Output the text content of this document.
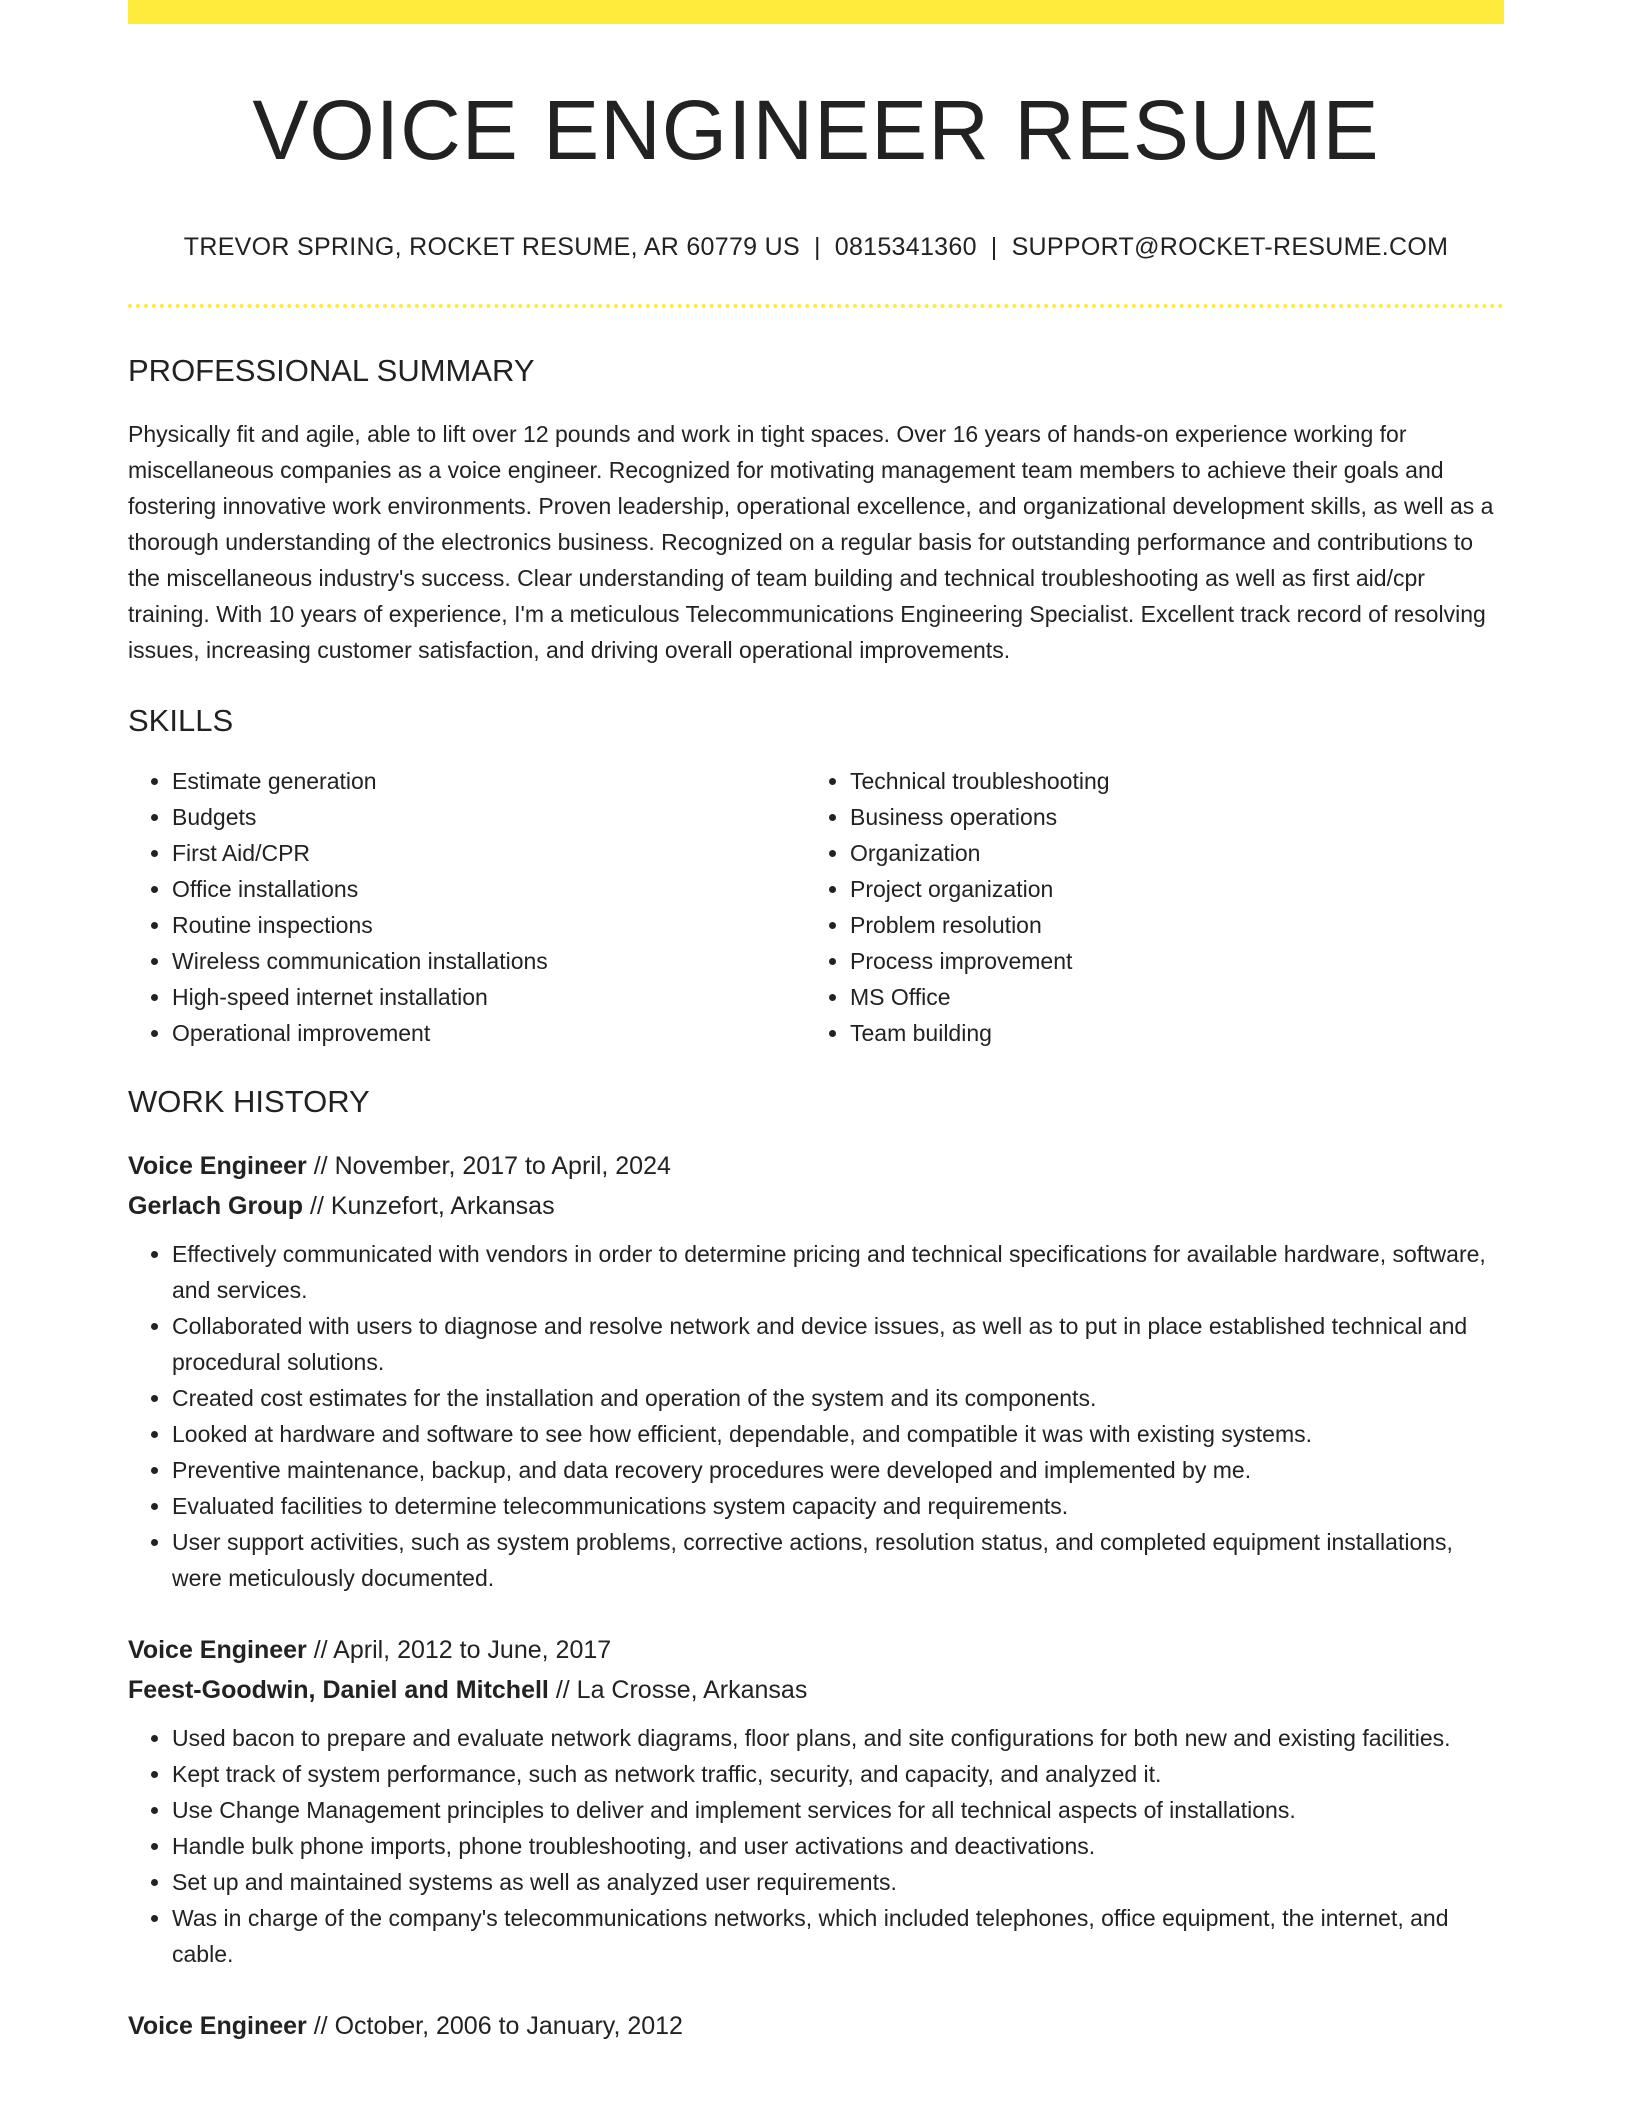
VOICE ENGINEER RESUME
TREVOR SPRING, ROCKET RESUME, AR 60779 US | 0815341360 | SUPPORT@ROCKET-RESUME.COM
PROFESSIONAL SUMMARY

Physically fit and agile, able to lift over 12 pounds and work in tight spaces. Over 16 years of hands-on experience working for miscellaneous companies as a voice engineer. Recognized for motivating management team members to achieve their goals and fostering innovative work environments. Proven leadership, operational excellence, and organizational development skills, as well as a thorough understanding of the electronics business. Recognized on a regular basis for outstanding performance and contributions to the miscellaneous industry's success. Clear understanding of team building and technical troubleshooting as well as first aid/cpr training. With 10 years of experience, I'm a meticulous Telecommunications Engineering Specialist. Excellent track record of resolving issues, increasing customer satisfaction, and driving overall operational improvements.

SKILLS
• Estimate generation
• Budgets
• First Aid/CPR
• Office installations
• Routine inspections
• Wireless communication installations
• High-speed internet installation
• Operational improvement
• Technical troubleshooting
• Business operations
• Organization
• Project organization
• Problem resolution
• Process improvement
• MS Office
• Team building
WORK HISTORY
Voice Engineer // November, 2017 to April, 2024
Gerlach Group // Kunzefort, Arkansas
• Effectively communicated with vendors in order to determine pricing and technical specifications for available hardware, software, and services.
• Collaborated with users to diagnose and resolve network and device issues, as well as to put in place established technical and procedural solutions.
• Created cost estimates for the installation and operation of the system and its components.
• Looked at hardware and software to see how efficient, dependable, and compatible it was with existing systems.
• Preventive maintenance, backup, and data recovery procedures were developed and implemented by me.
• Evaluated facilities to determine telecommunications system capacity and requirements.
• User support activities, such as system problems, corrective actions, resolution status, and completed equipment installations, were meticulously documented.
Voice Engineer // April, 2012 to June, 2017
Feest-Goodwin, Daniel and Mitchell // La Crosse, Arkansas
• Used bacon to prepare and evaluate network diagrams, floor plans, and site configurations for both new and existing facilities.
• Kept track of system performance, such as network traffic, security, and capacity, and analyzed it.
• Use Change Management principles to deliver and implement services for all technical aspects of installations.
• Handle bulk phone imports, phone troubleshooting, and user activations and deactivations.
• Set up and maintained systems as well as analyzed user requirements.
• Was in charge of the company's telecommunications networks, which included telephones, office equipment, the internet, and cable.
Voice Engineer // October, 2006 to January, 2012
